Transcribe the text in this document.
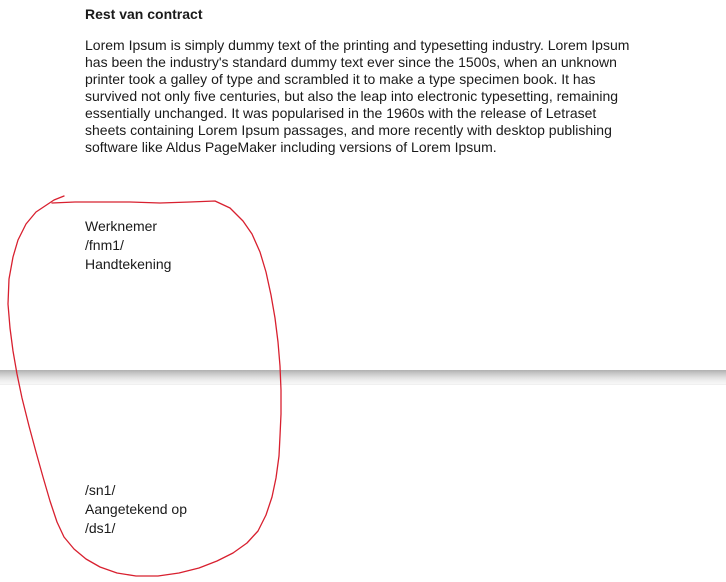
Rest van contract
Lorem Ipsum is simply dummy text of the printing and typesetting industry. Lorem Ipsum
has been the industry's standard dummy text ever since the 1500s, when an unknown
printer took a galley of type and scrambled it to make a type specimen book. It has
survived not only five centuries, but also the leap into electronic typesetting, remaining
essentially unchanged. It was popularised in the 1960s with the release of Letraset
sheets containing Lorem Ipsum passages, and more recently with desktop publishing
software like Aldus PageMaker including versions of Lorem Ipsum.
Werknemer
/fnm1/
Handtekening
/sn1/
Aangetekend op
/ds1/
